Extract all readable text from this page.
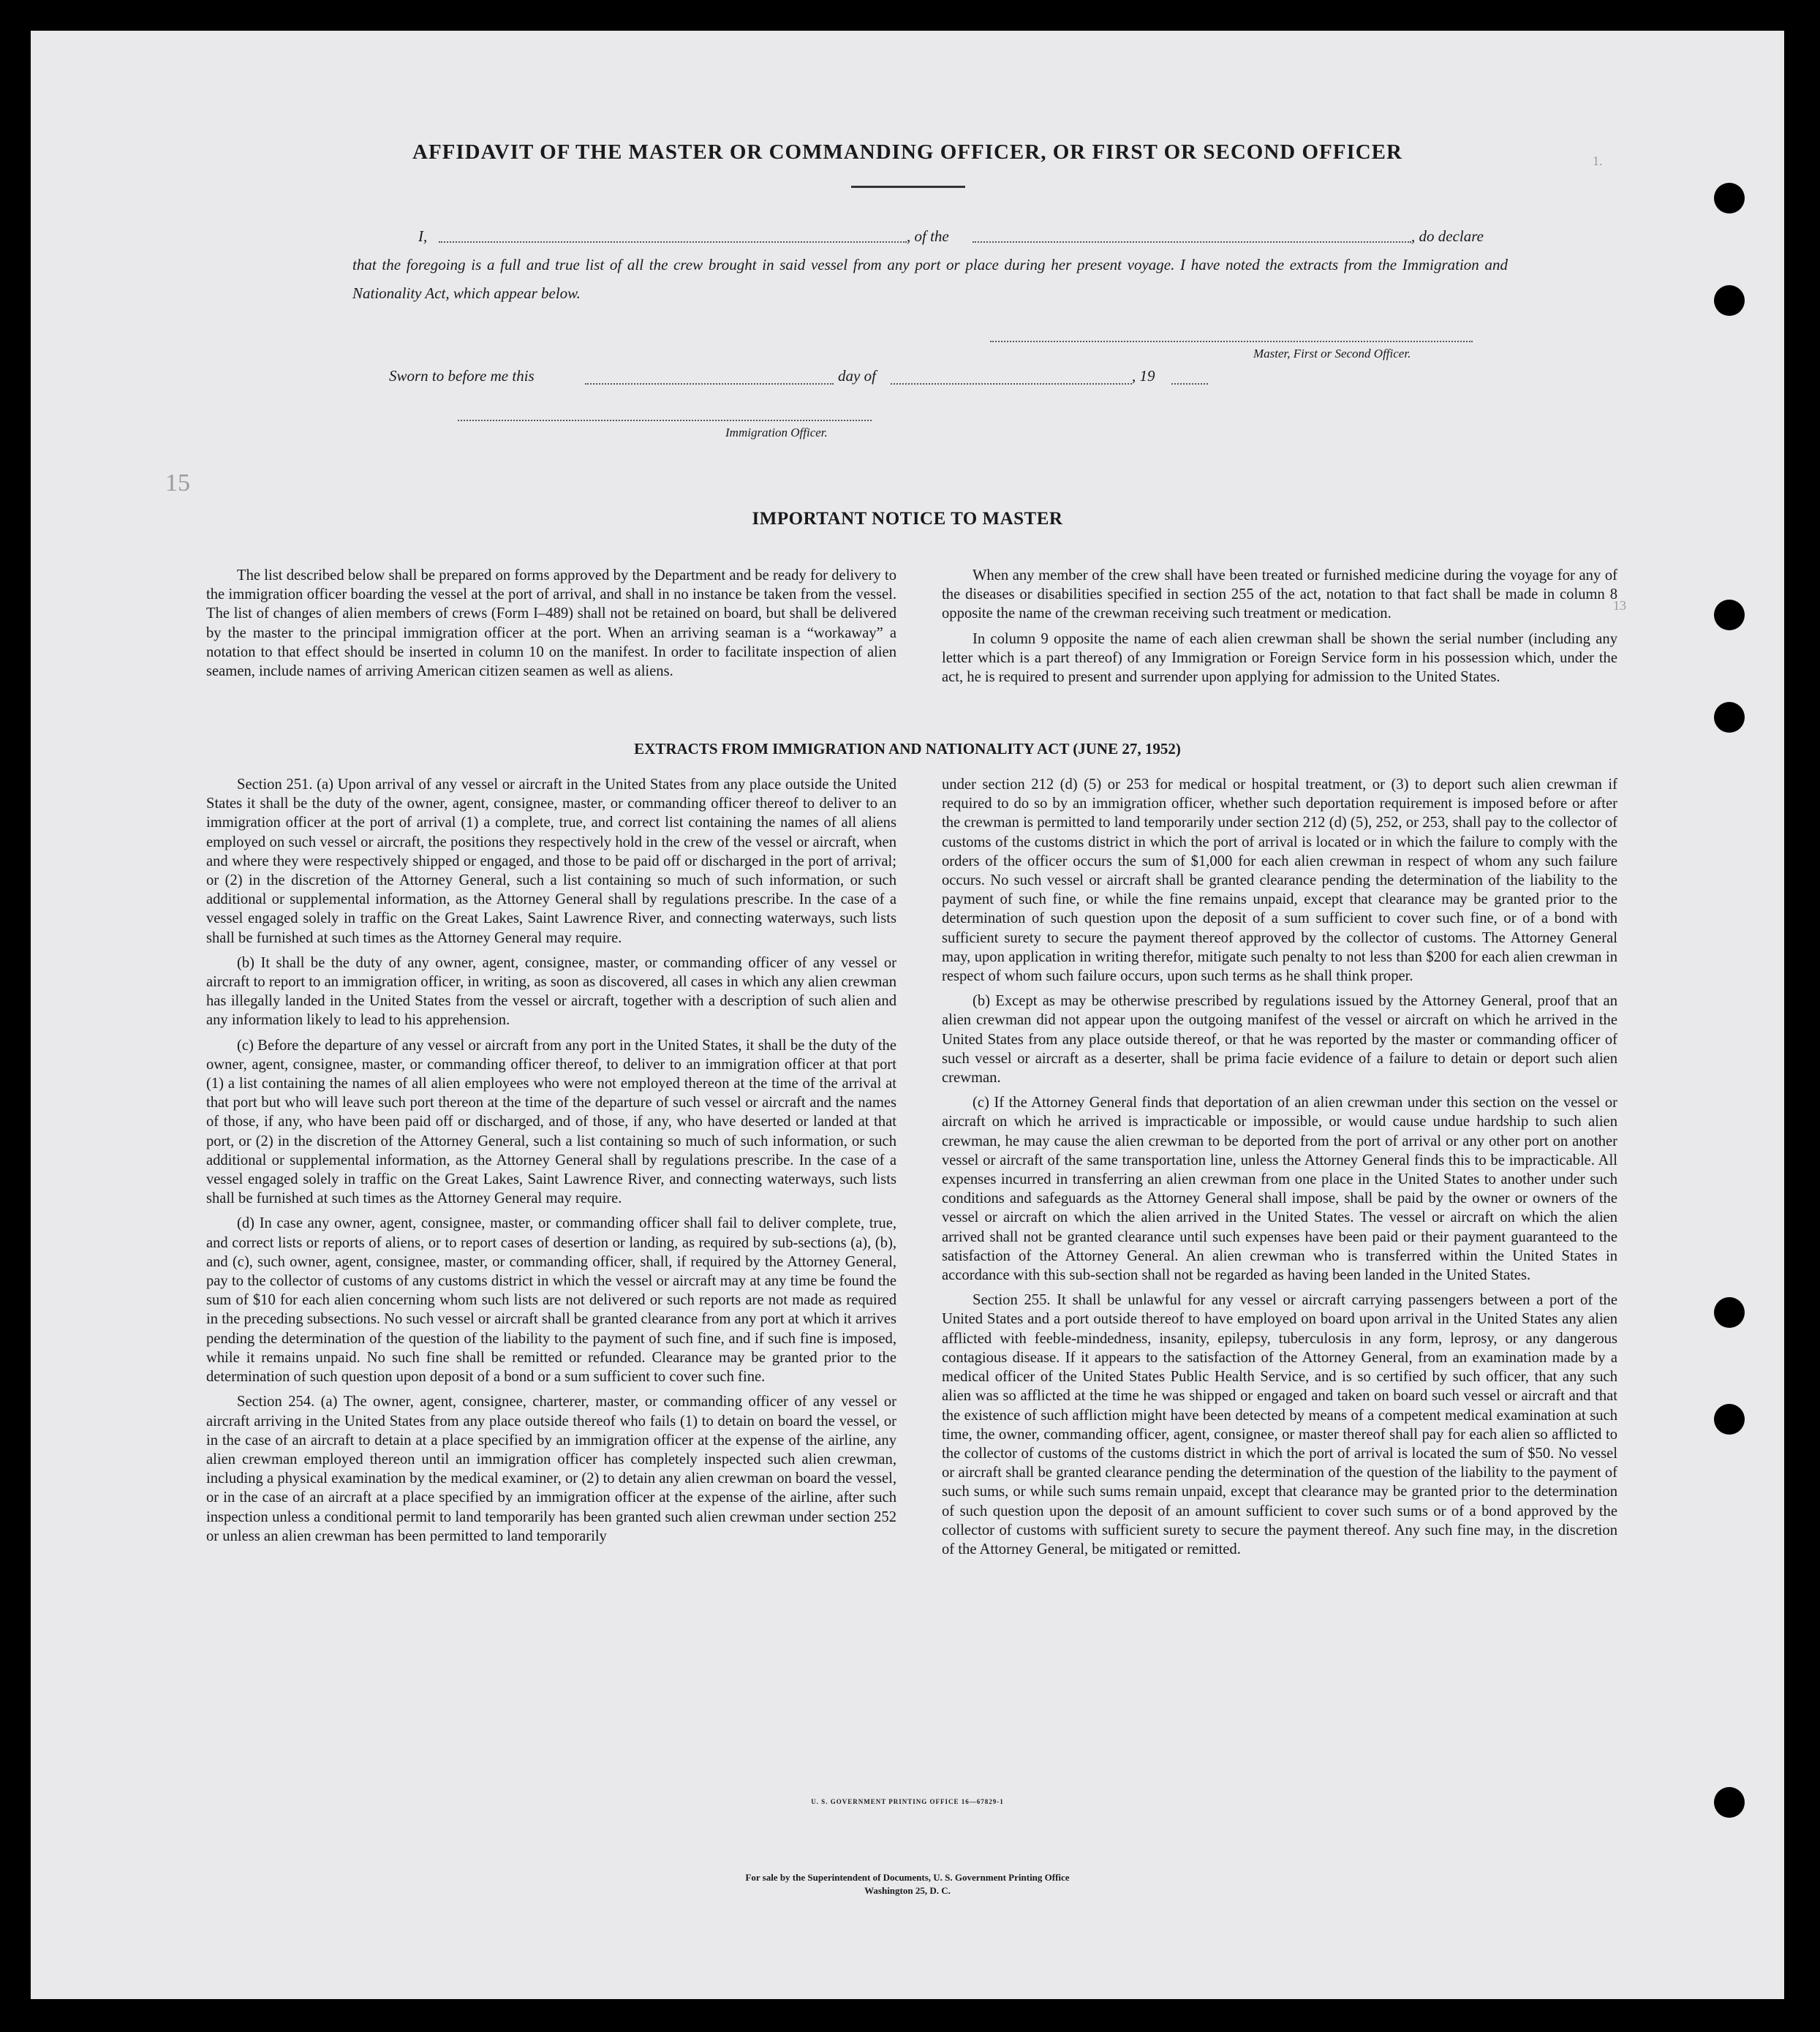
AFFIDAVIT OF THE MASTER OR COMMANDING OFFICER, OR FIRST OR SECOND OFFICER
I,	, of the	, do declare
that the foregoing is a full and true list of all the crew brought in said vessel from any port or place during her present voyage. I have noted the extracts from the Immigration and Nationality Act, which appear below.
Master, First or Second Officer.
Sworn to before me this	day of	, 19
Immigration Officer.
IMPORTANT NOTICE TO MASTER

The list described below shall be prepared on forms approved by the Department and be ready for delivery to the immigration officer boarding the vessel at the port of arrival, and shall in no instance be taken from the vessel. The list of changes of alien members of crews (Form I–489) shall not be retained on board, but shall be delivered by the master to the principal immigration officer at the port. When an arriving seaman is a “workaway” a notation to that effect should be inserted in column 10 on the manifest. In order to facilitate inspection of alien seamen, include names of arriving American citizen seamen as well as aliens.

When any member of the crew shall have been treated or furnished medicine during the voyage for any of the diseases or disabilities specified in section 255 of the act, notation to that fact shall be made in column 8 opposite the name of the crewman receiving such treatment or medication.

In column 9 opposite the name of each alien crewman shall be shown the serial number (including any letter which is a part thereof) of any Immigration or Foreign Service form in his possession which, under the act, he is required to present and surrender upon applying for admission to the United States.

EXTRACTS FROM IMMIGRATION AND NATIONALITY ACT (JUNE 27, 1952)

Section 251. (a) Upon arrival of any vessel or aircraft in the United States from any place outside the United States it shall be the duty of the owner, agent, consignee, master, or commanding officer thereof to deliver to an immigration officer at the port of arrival (1) a complete, true, and correct list containing the names of all aliens employed on such vessel or aircraft, the positions they respectively hold in the crew of the vessel or aircraft, when and where they were respectively shipped or engaged, and those to be paid off or discharged in the port of arrival; or (2) in the discretion of the Attorney General, such a list containing so much of such information, or such additional or supplemental information, as the Attorney General shall by regulations prescribe. In the case of a vessel engaged solely in traffic on the Great Lakes, Saint Lawrence River, and connecting waterways, such lists shall be furnished at such times as the Attorney General may require.

(b) It shall be the duty of any owner, agent, consignee, master, or commanding officer of any vessel or aircraft to report to an immigration officer, in writing, as soon as discovered, all cases in which any alien crewman has illegally landed in the United States from the vessel or aircraft, together with a description of such alien and any information likely to lead to his apprehension.

(c) Before the departure of any vessel or aircraft from any port in the United States, it shall be the duty of the owner, agent, consignee, master, or commanding officer thereof, to deliver to an immigration officer at that port (1) a list containing the names of all alien employees who were not employed thereon at the time of the arrival at that port but who will leave such port thereon at the time of the departure of such vessel or aircraft and the names of those, if any, who have been paid off or discharged, and of those, if any, who have deserted or landed at that port, or (2) in the discretion of the Attorney General, such a list containing so much of such information, or such additional or supplemental information, as the Attorney General shall by regulations prescribe. In the case of a vessel engaged solely in traffic on the Great Lakes, Saint Lawrence River, and connecting waterways, such lists shall be furnished at such times as the Attorney General may require.

(d) In case any owner, agent, consignee, master, or commanding officer shall fail to deliver complete, true, and correct lists or reports of aliens, or to report cases of desertion or landing, as required by sub-sections (a), (b), and (c), such owner, agent, consignee, master, or commanding officer, shall, if required by the Attorney General, pay to the collector of customs of any customs district in which the vessel or aircraft may at any time be found the sum of $10 for each alien concerning whom such lists are not delivered or such reports are not made as required in the preceding subsections. No such vessel or aircraft shall be granted clearance from any port at which it arrives pending the determination of the question of the liability to the payment of such fine, and if such fine is imposed, while it remains unpaid. No such fine shall be remitted or refunded. Clearance may be granted prior to the determination of such question upon deposit of a bond or a sum sufficient to cover such fine.

Section 254. (a) The owner, agent, consignee, charterer, master, or commanding officer of any vessel or aircraft arriving in the United States from any place outside thereof who fails (1) to detain on board the vessel, or in the case of an aircraft to detain at a place specified by an immigration officer at the expense of the airline, any alien crewman employed thereon until an immigration officer has completely inspected such alien crewman, including a physical examination by the medical examiner, or (2) to detain any alien crewman on board the vessel, or in the case of an aircraft at a place specified by an immigration officer at the expense of the airline, after such inspection unless a conditional permit to land temporarily has been granted such alien crewman under section 252 or unless an alien crewman has been permitted to land temporarily

under section 212 (d) (5) or 253 for medical or hospital treatment, or (3) to deport such alien crewman if required to do so by an immigration officer, whether such deportation requirement is imposed before or after the crewman is permitted to land temporarily under section 212 (d) (5), 252, or 253, shall pay to the collector of customs of the customs district in which the port of arrival is located or in which the failure to comply with the orders of the officer occurs the sum of $1,000 for each alien crewman in respect of whom any such failure occurs. No such vessel or aircraft shall be granted clearance pending the determination of the liability to the payment of such fine, or while the fine remains unpaid, except that clearance may be granted prior to the determination of such question upon the deposit of a sum sufficient to cover such fine, or of a bond with sufficient surety to secure the payment thereof approved by the collector of customs. The Attorney General may, upon application in writing therefor, mitigate such penalty to not less than $200 for each alien crewman in respect of whom such failure occurs, upon such terms as he shall think proper.

(b) Except as may be otherwise prescribed by regulations issued by the Attorney General, proof that an alien crewman did not appear upon the outgoing manifest of the vessel or aircraft on which he arrived in the United States from any place outside thereof, or that he was reported by the master or commanding officer of such vessel or aircraft as a deserter, shall be prima facie evidence of a failure to detain or deport such alien crewman.

(c) If the Attorney General finds that deportation of an alien crewman under this section on the vessel or aircraft on which he arrived is impracticable or impossible, or would cause undue hardship to such alien crewman, he may cause the alien crewman to be deported from the port of arrival or any other port on another vessel or aircraft of the same transportation line, unless the Attorney General finds this to be impracticable. All expenses incurred in transferring an alien crewman from one place in the United States to another under such conditions and safeguards as the Attorney General shall impose, shall be paid by the owner or owners of the vessel or aircraft on which the alien arrived in the United States. The vessel or aircraft on which the alien arrived shall not be granted clearance until such expenses have been paid or their payment guaranteed to the satisfaction of the Attorney General. An alien crewman who is transferred within the United States in accordance with this sub-section shall not be regarded as having been landed in the United States.

Section 255. It shall be unlawful for any vessel or aircraft carrying passengers between a port of the United States and a port outside thereof to have employed on board upon arrival in the United States any alien afflicted with feeble-mindedness, insanity, epilepsy, tuberculosis in any form, leprosy, or any dangerous contagious disease. If it appears to the satisfaction of the Attorney General, from an examination made by a medical officer of the United States Public Health Service, and is so certified by such officer, that any such alien was so afflicted at the time he was shipped or engaged and taken on board such vessel or aircraft and that the existence of such affliction might have been detected by means of a competent medical examination at such time, the owner, commanding officer, agent, consignee, or master thereof shall pay for each alien so afflicted to the collector of customs of the customs district in which the port of arrival is located the sum of $50. No vessel or aircraft shall be granted clearance pending the determination of the question of the liability to the payment of such sums, or while such sums remain unpaid, except that clearance may be granted prior to the determination of such question upon the deposit of an amount sufficient to cover such sums or of a bond approved by the collector of customs with sufficient surety to secure the payment thereof. Any such fine may, in the discretion of the Attorney General, be mitigated or remitted.

U. S. GOVERNMENT PRINTING OFFICE 16—67829-1
For sale by the Superintendent of Documents, U. S. Government Printing Office
Washington 25, D. C.
1.
13
15
